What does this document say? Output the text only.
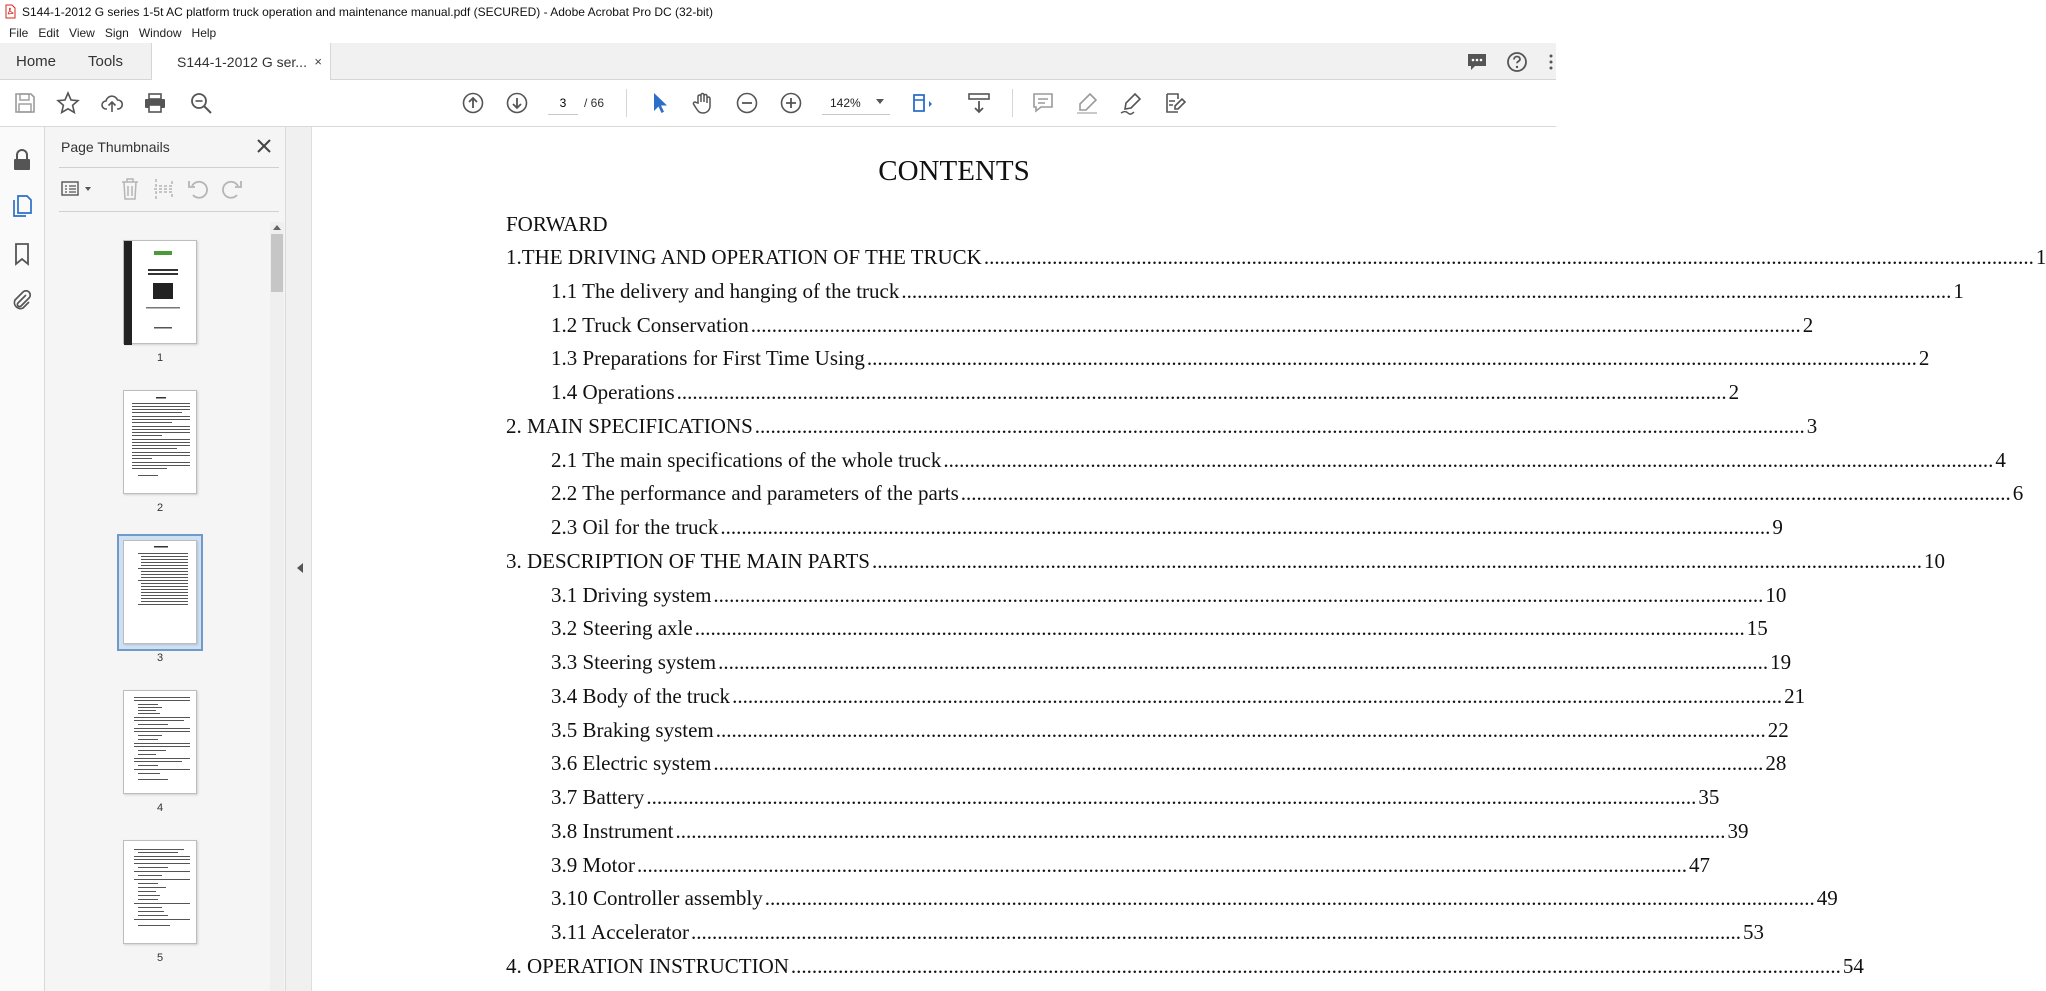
S144-1-2012 G series 1-5t AC platform truck operation and maintenance manual.pdf (SECURED) - Adobe Acrobat Pro DC (32-bit)
File Edit View Sign Window Help
Home Tools	S144-1-2012 G ser... ×
3
/ 66	142%
Page Thumbnails
1
2
3
4
5
CONTENTS
FORWARD
1.THE DRIVING AND OPERATION OF THE TRUCK ........................................................................................................................................................................................................ 1
1.1 The delivery and hanging of the truck ........................................................................................................................................................................................................ 1
1.2 Truck Conservation ........................................................................................................................................................................................................ 2
1.3 Preparations for First Time Using ........................................................................................................................................................................................................ 2
1.4 Operations ........................................................................................................................................................................................................ 2
2. MAIN SPECIFICATIONS ........................................................................................................................................................................................................ 3
2.1 The main specifications of the whole truck ........................................................................................................................................................................................................ 4
2.2 The performance and parameters of the parts ........................................................................................................................................................................................................ 6
2.3 Oil for the truck ........................................................................................................................................................................................................ 9
3. DESCRIPTION OF THE MAIN PARTS ........................................................................................................................................................................................................ 10
3.1 Driving system ........................................................................................................................................................................................................ 10
3.2 Steering axle ........................................................................................................................................................................................................ 15
3.3 Steering system ........................................................................................................................................................................................................ 19
3.4 Body of the truck ........................................................................................................................................................................................................ 21
3.5 Braking system ........................................................................................................................................................................................................ 22
3.6 Electric system ........................................................................................................................................................................................................ 28
3.7 Battery ........................................................................................................................................................................................................ 35
3.8 Instrument ........................................................................................................................................................................................................ 39
3.9 Motor ........................................................................................................................................................................................................ 47
3.10 Controller assembly ........................................................................................................................................................................................................ 49
3.11 Accelerator ........................................................................................................................................................................................................ 53
4. OPERATION INSTRUCTION ........................................................................................................................................................................................................ 54
